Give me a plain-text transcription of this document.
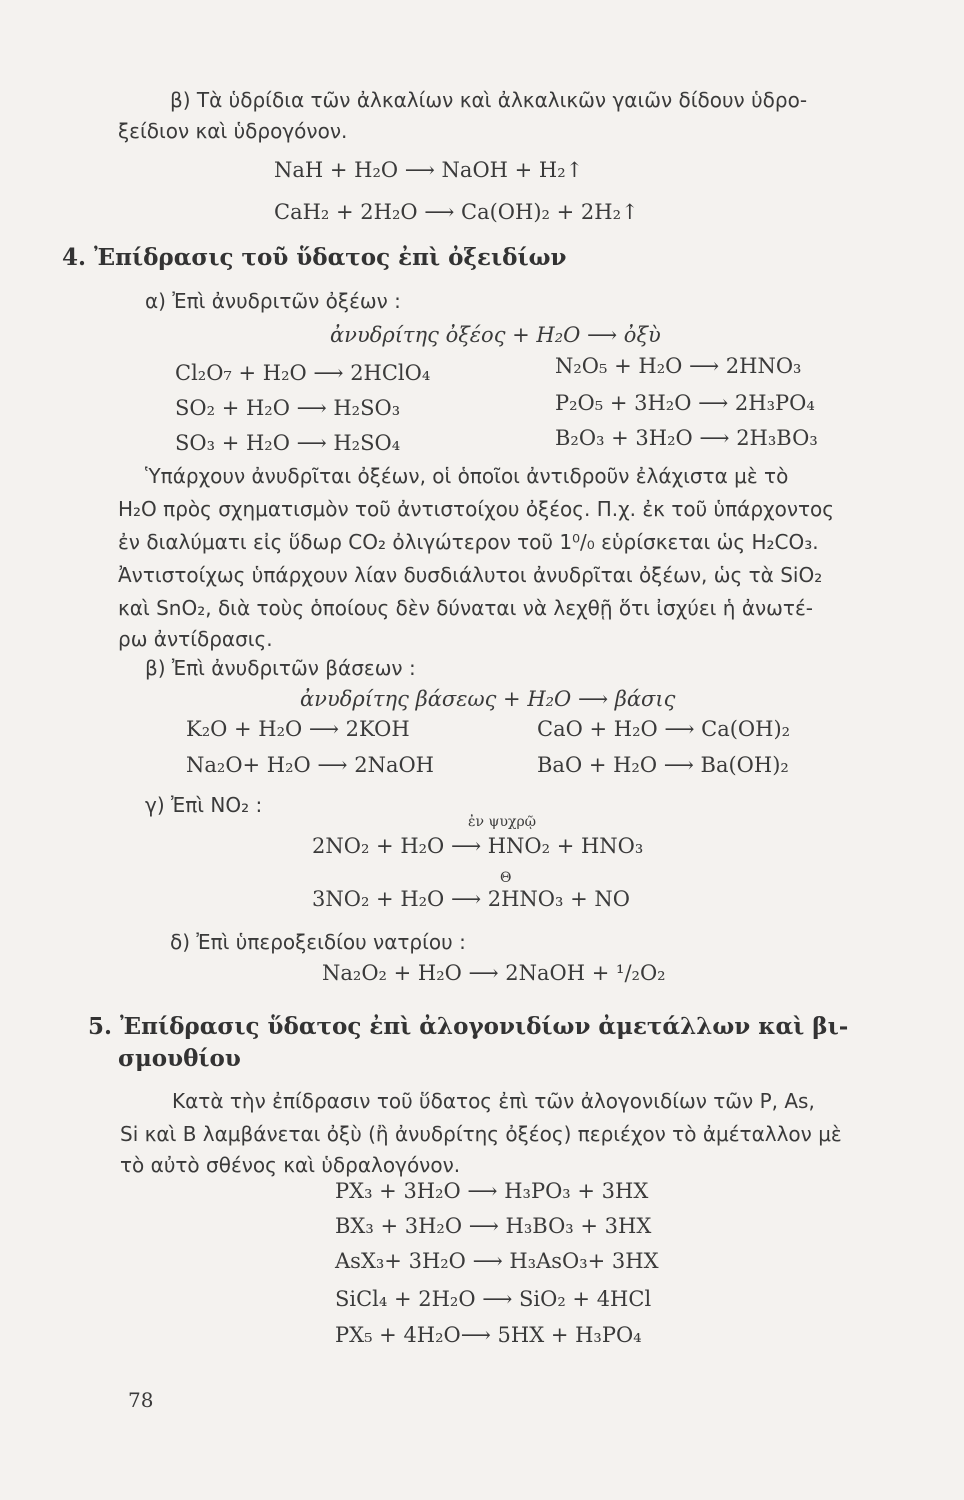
β) Τὰ ὑδρίδια τῶν ἀλκαλίων καὶ ἀλκαλικῶν γαιῶν δίδουν ὑδρο-
ξείδιον καὶ ὑδρογόνον.
NaH + H₂O ⟶ NaOH + H₂↑
CaH₂ + 2H₂O ⟶ Ca(OH)₂ + 2H₂↑
4. Ἐπίδρασις τοῦ ὕδατος ἐπὶ ὀξειδίων
α) Ἐπὶ ἀνυδριτῶν ὀξέων :
ἀνυδρίτης ὀξέος + H₂O ⟶ ὀξὺ
Cl₂O₇ + H₂O ⟶ 2HClO₄
SO₂ + H₂O ⟶ H₂SO₃
SO₃ + H₂O ⟶ H₂SO₄
N₂O₅ + H₂O ⟶ 2HNO₃
P₂O₅ + 3H₂O ⟶ 2H₃PO₄
B₂O₃ + 3H₂O ⟶ 2H₃BO₃
Ὑπάρχουν ἀνυδρῖται ὀξέων, οἱ ὁποῖοι ἀντιδροῦν ἐλάχιστα μὲ τὸ
H₂O πρὸς σχηματισμὸν τοῦ ἀντιστοίχου ὀξέος. Π.χ. ἐκ τοῦ ὑπάρχοντος
ἐν διαλύματι εἰς ὕδωρ CO₂ ὀλιγώτερον τοῦ 1⁰/₀ εὑρίσκεται ὡς H₂CO₃.
Ἀντιστοίχως ὑπάρχουν λίαν δυσδιάλυτοι ἀνυδρῖται ὀξέων, ὡς τὰ SiO₂
καὶ SnO₂, διὰ τοὺς ὁποίους δὲν δύναται νὰ λεχθῇ ὅτι ἰσχύει ἡ ἀνωτέ-
ρω ἀντίδρασις.
β) Ἐπὶ ἀνυδριτῶν βάσεων :
ἀνυδρίτης βάσεως + H₂O ⟶ βάσις
K₂O + H₂O ⟶ 2KOH
Na₂O+ H₂O ⟶ 2NaOH
CaO + H₂O ⟶ Ca(OH)₂
BaO + H₂O ⟶ Ba(OH)₂
γ) Ἐπὶ NO₂ :
ἐν ψυχρῷ
2NO₂ + H₂O ⟶ HNO₂ + HNO₃
Θ
3NO₂ + H₂O ⟶ 2HNO₃ + NO
δ) Ἐπὶ ὑπεροξειδίου νατρίου :
Na₂O₂ + H₂O ⟶ 2NaOH + ¹/₂O₂
5. Ἐπίδρασις ὕδατος ἐπὶ ἀλογονιδίων ἀμετάλλων καὶ βι-
σμουθίου
Κατὰ τὴν ἐπίδρασιν τοῦ ὕδατος ἐπὶ τῶν ἀλογονιδίων τῶν P, As,
Si καὶ B λαμβάνεται ὀξὺ (ἢ ἀνυδρίτης ὀξέος) περιέχον τὸ ἀμέταλλον μὲ
τὸ αὐτὸ σθένος καὶ ὑδραλογόνον.
PX₃ + 3H₂O ⟶ H₃PO₃ + 3HX
BX₃ + 3H₂O ⟶ H₃BO₃ + 3HX
AsX₃+ 3H₂O ⟶ H₃AsO₃+ 3HX
SiCl₄ + 2H₂O ⟶ SiO₂ + 4HCl
PX₅ + 4H₂O⟶ 5HX + H₃PO₄
78
